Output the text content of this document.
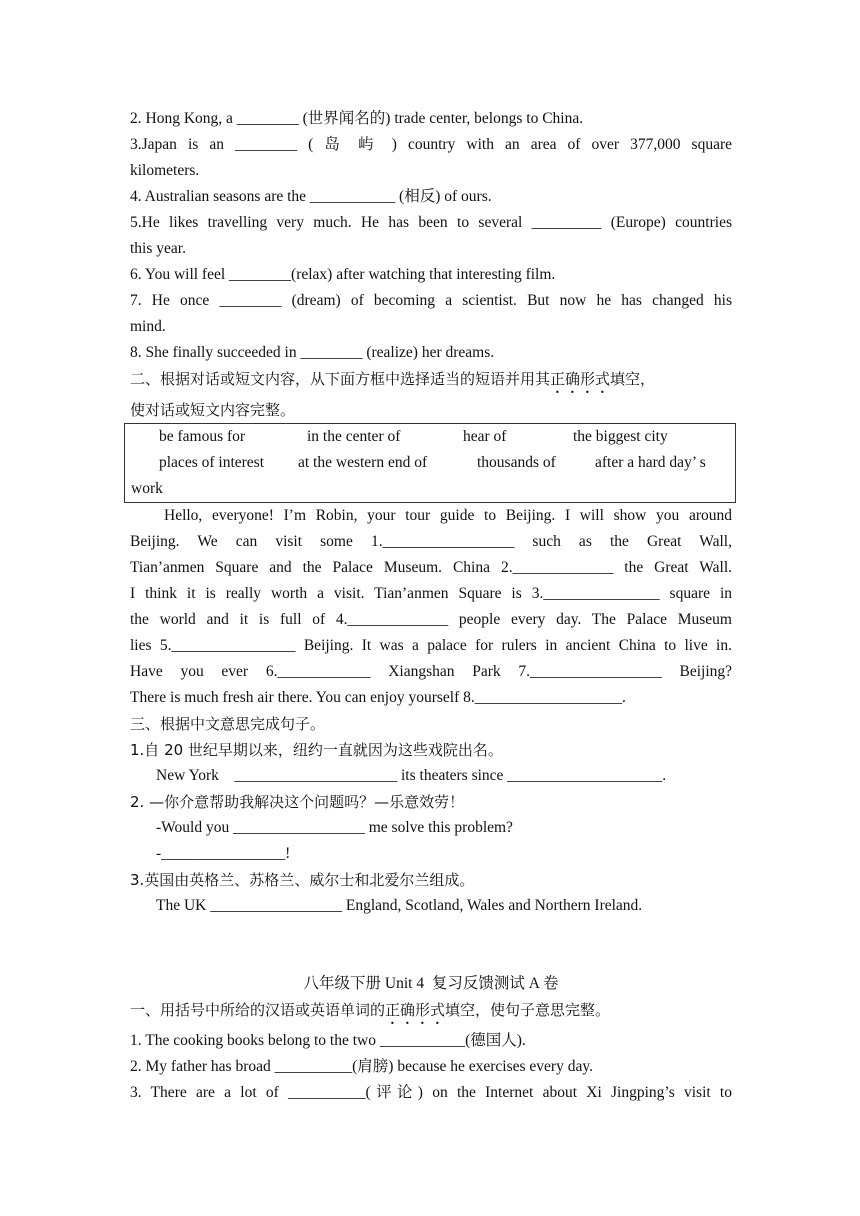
2. Hong Kong, a ________ (世界闻名的) trade center, belongs to China.

3.Japan is an ________ ( 岛 屿 ) country with an area of over 377,000 square

kilometers.

4. Australian seasons are the ___________ (相反) of ours.

5.He likes travelling very much. He has been to several _________ (Europe) countries

this year.

6. You will feel ________(relax) after watching that interesting film.

7. He once ________ (dream) of becoming a scientist. But now he has changed his

mind.

8. She finally succeeded in ________ (realize) her dreams.

二、根据对话或短文内容，从下面方框中选择适当的短语并用其正确形式填空，

使对话或短文内容完整。

be famous for	in the center of	hear of	the biggest city
places of interest	at the western end of	thousands of	after a hard day’ s
work

Hello, everyone! I’m Robin, your tour guide to Beijing. I will show you around

Beijing. We can visit some 1._________________ such as the Great Wall,

Tian’anmen Square and the Palace Museum. China 2._____________ the Great Wall.

I think it is really worth a visit. Tian’anmen Square is 3._______________ square in

the world and it is full of 4._____________ people every day. The Palace Museum

lies 5.________________ Beijing. It was a palace for rulers in ancient China to live in.

Have you ever 6.____________ Xiangshan Park 7._________________ Beijing?

There is much fresh air there. You can enjoy yourself 8.___________________.

三、根据中文意思完成句子。

1.自 20 世纪早期以来，纽约一直就因为这些戏院出名。

New York    _____________________ its theaters since ____________________.

2. —你介意帮助我解决这个问题吗？—乐意效劳！

-Would you _________________ me solve this problem?

-________________!

3.英国由英格兰、苏格兰、威尔士和北爱尔兰组成。

The UK _________________ England, Scotland, Wales and Northern Ireland.

八年级下册 Unit 4  复习反馈测试 A 卷

一、用括号中所给的汉语或英语单词的正确形式填空，使句子意思完整。

1. The cooking books belong to the two ___________(德国人).

2. My father has broad __________(肩膀) because he exercises every day.

3. There are a lot of __________(评论) on the Internet about Xi Jingping’s visit to
